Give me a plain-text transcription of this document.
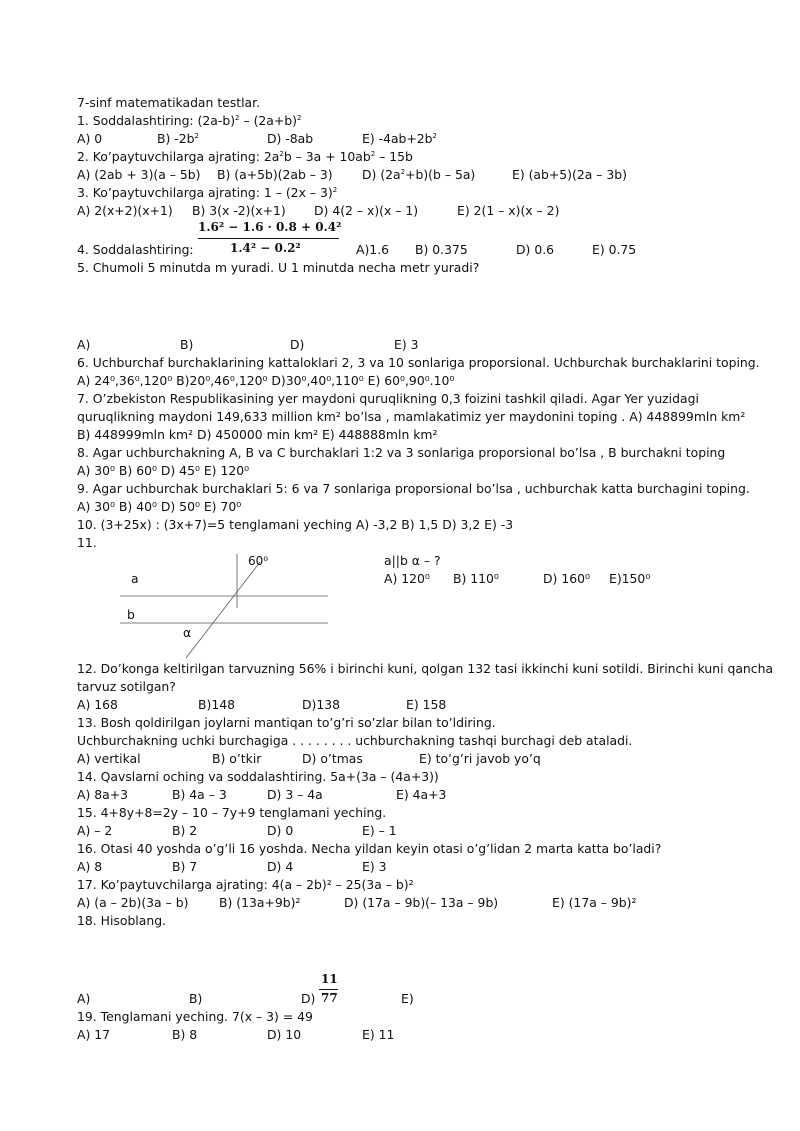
7-sinf matematikadan testlar.
1. Soddalashtiring: $(2a-b)^2 - (2a+b)^2$
A) 0	B) $-2b^2$	D) -8ab	E) $-4ab+2b^2$
2. Ko’paytuvchilarga ajrating: $2a^2b - 3a + 10ab^2 - 15b$
A) (2ab + 3)(a – 5b) B) (a+5b)(2ab – 3) D) $(2a^2+b)(b - 5a)$	E) (ab+5)(2a – 3b)
3. Ko’paytuvchilarga ajrating: 1 – (2x – 3)$^2$
A) 2(x+2)(x+1) B) 3(x -2)(x+1) D) 4(2 – x)(x – 1)	E) 2(1 – x)(x – 2)
1.6² − 1.6 · 0.8 + 0.4²
1.4² − 0.2²
4. Soddalashtiring:	A)1.6 B) 0.375	D) 0.6	E) 0.75
5. Chumoli 5 minutda m yuradi. U 1 minutda necha metr yuradi?
A)	B)	D)	E) 3
6. Uchburchaf burchaklarining kattaloklari 2, 3 va 10 sonlariga proporsional. Uchburchak burchaklarini toping.
A) 24⁰,36⁰,120⁰ B)20⁰,46⁰,120⁰ D)30⁰,40⁰,110⁰ E) 60⁰,90⁰.10⁰
7. O’zbekiston Respublikasining yer maydoni quruqlikning 0,3 foizini tashkil qiladi. Agar Yer yuzidagi
quruqlikning maydoni 149,633 million km² bo’lsa , mamlakatimiz yer maydonini toping . A) 448899mln km²
B) 448999mln km² D) 450000 min km² E) 448888mln km²
8. Agar uchburchakning A, B va C burchaklari 1:2 va 3 sonlariga proporsional bo’lsa , B burchakni toping
A) 30⁰ B) 60⁰ D) 45⁰ E) 120⁰
9. Agar uchburchak burchaklari 5: 6 va 7 sonlariga proporsional bo’lsa , uchburchak katta burchagini toping.
A) 30⁰ B) 40⁰ D) 50⁰ E) 70⁰
10. (3+25x) : (3x+7)=5 tenglamani yeching A) -3,2 B) 1,5 D) 3,2 E) -3
11.
60⁰
a
b
α
a||b α – ?
A) 120⁰ B) 110⁰	D) 160⁰ E)150⁰
12. Do’konga keltirilgan tarvuzning 56% i birinchi kuni, qolgan 132 tasi ikkinchi kuni sotildi. Birinchi kuni qancha
tarvuz sotilgan?
A) 168	B)148	D)138	E) 158
13. Bosh qoldirilgan joylarni mantiqan to’g’ri so’zlar bilan to’ldiring.
Uchburchakning uchki burchagiga . . . . . . . . uchburchakning tashqi burchagi deb ataladi.
A) vertikal	B) o’tkir	D) o’tmas	E) to’g’ri javob yo’q
14. Qavslarni oching va soddalashtiring. 5a+(3a – (4a+3))
A) 8a+3	B) 4a – 3	D) 3 – 4a	E) 4a+3
15. 4+8y+8=2y – 10 – 7y+9 tenglamani yeching.
A) – 2	B) 2	D) 0	E) – 1
16. Otasi 40 yoshda o’g’li 16 yoshda. Necha yildan keyin otasi o’g’lidan 2 marta katta bo’ladi?
A) 8	B) 7	D) 4	E) 3
17. Ko’paytuvchilarga ajrating: 4(a – 2b)² – 25(3a – b)²
A) (a – 2b)(3a – b) B) (13a+9b)²	D) (17a – 9b)(– 13a – 9b)	E) (17a – 9b)²
18. Hisoblang.
11
77
A)	B)	D)	E)
19. Tenglamani yeching. 7(x – 3) = 49
A) 17	B) 8	D) 10	E) 11
